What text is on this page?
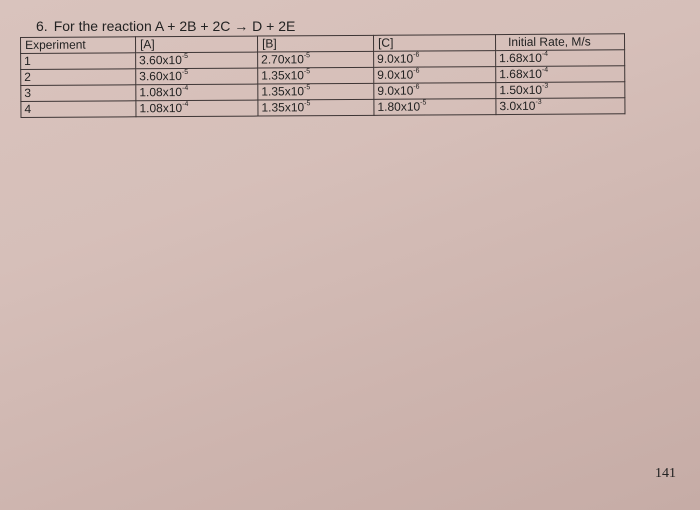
6. For the reaction A + 2B + 2C → D + 2E
Experiment	[A]	[B]	[C]	Initial Rate, M/s
1	$3.60x10^{-5}$	$2.70x10^{-5}$	$9.0x10^{-6}$	$1.68x10^{-4}$
2	$3.60x10^{-5}$	$1.35x10^{-5}$	$9.0x10^{-6}$	$1.68x10^{-4}$
3	$1.08x10^{-4}$	$1.35x10^{-5}$	$9.0x10^{-6}$	$1.50x10^{-3}$
4	$1.08x10^{-4}$	$1.35x10^{-5}$	$1.80x10^{-5}$	$3.0x10^{-3}$
141
